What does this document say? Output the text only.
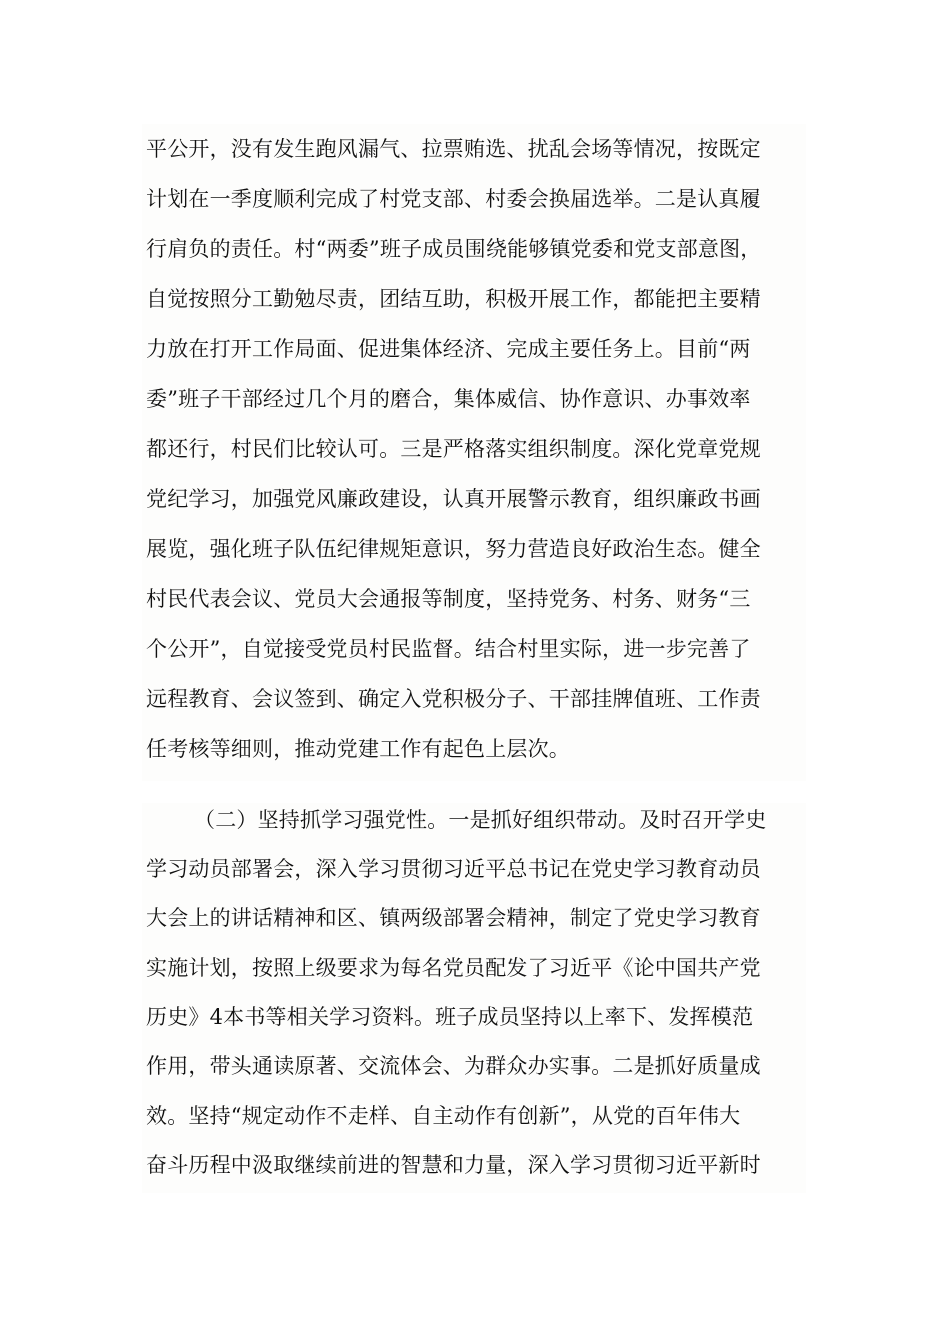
平公开，没有发生跑风漏气、拉票贿选、扰乱会场等情况，按既定

计划在一季度顺利完成了村党支部、村委会换届选举。二是认真履

行肩负的责任。村“两委”班子成员围绕能够镇党委和党支部意图，

自觉按照分工勤勉尽责，团结互助，积极开展工作，都能把主要精

力放在打开工作局面、促进集体经济、完成主要任务上。目前“两

委”班子干部经过几个月的磨合，集体威信、协作意识、办事效率

都还行，村民们比较认可。三是严格落实组织制度。深化党章党规

党纪学习，加强党风廉政建设，认真开展警示教育，组织廉政书画

展览，强化班子队伍纪律规矩意识，努力营造良好政治生态。健全

村民代表会议、党员大会通报等制度，坚持党务、村务、财务“三

个公开”，自觉接受党员村民监督。结合村里实际，进一步完善了

远程教育、会议签到、确定入党积极分子、干部挂牌值班、工作责

任考核等细则，推动党建工作有起色上层次。

（二）坚持抓学习强党性。一是抓好组织带动。及时召开学史

学习动员部署会，深入学习贯彻习近平总书记在党史学习教育动员

大会上的讲话精神和区、镇两级部署会精神，制定了党史学习教育

实施计划，按照上级要求为每名党员配发了习近平《论中国共产党

历史》4本书等相关学习资料。班子成员坚持以上率下、发挥模范

作用，带头通读原著、交流体会、为群众办实事。二是抓好质量成

效。坚持“规定动作不走样、自主动作有创新”，从党的百年伟大

奋斗历程中汲取继续前进的智慧和力量，深入学习贯彻习近平新时
